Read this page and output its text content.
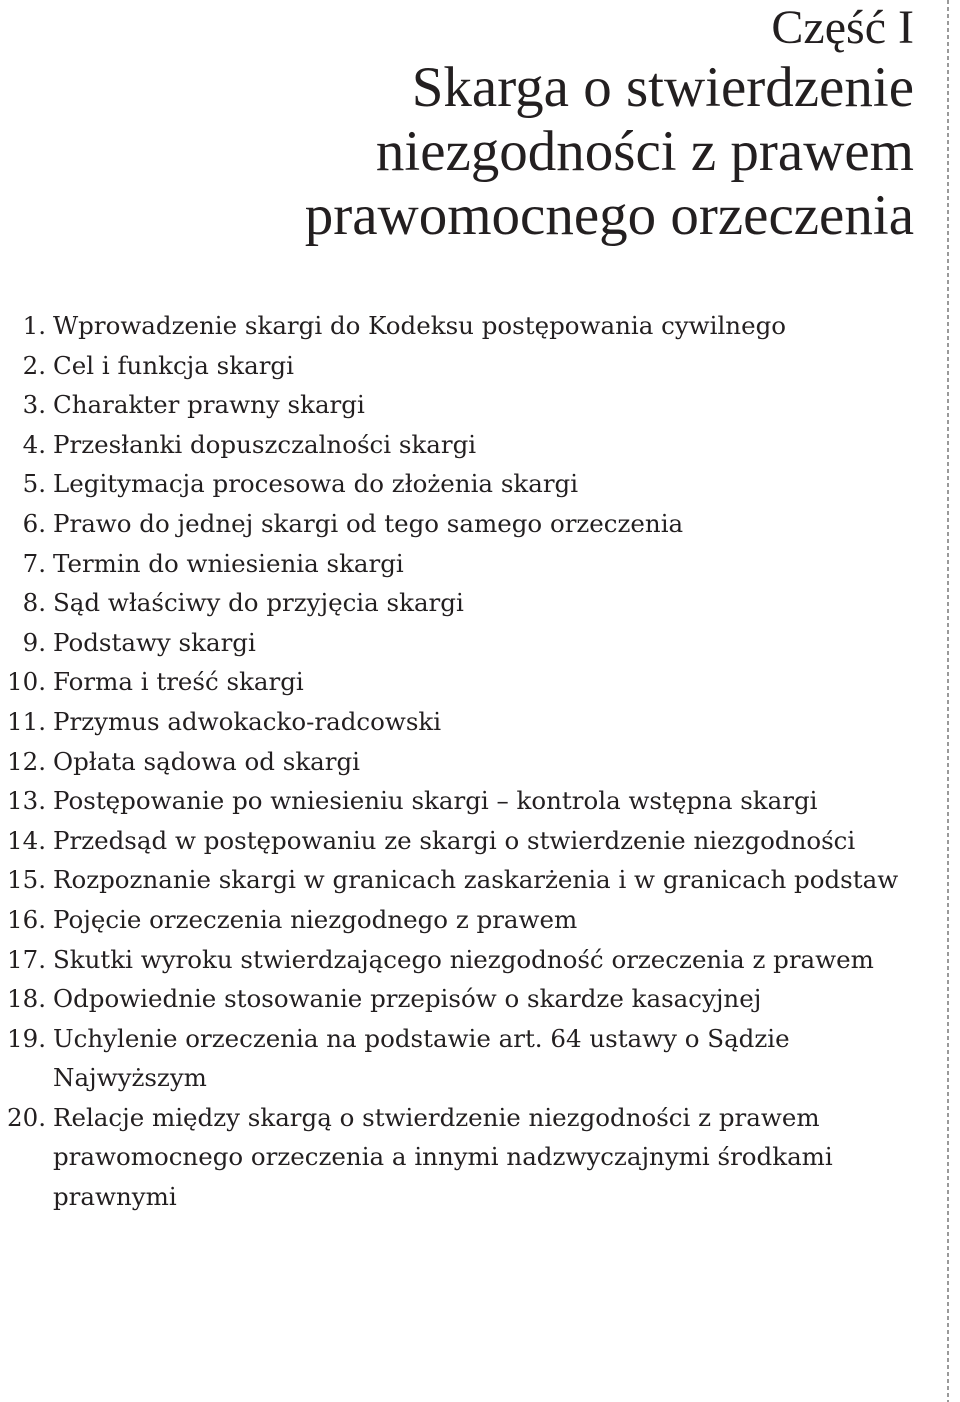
Część I
Skarga o stwierdzenie
niezgodności z prawem
prawomocnego orzeczenia
1. Wprowadzenie skargi do Kodeksu postępowania cywilnego
2. Cel i funkcja skargi
3. Charakter prawny skargi
4. Przesłanki dopuszczalności skargi
5. Legitymacja procesowa do złożenia skargi
6. Prawo do jednej skargi od tego samego orzeczenia
7. Termin do wniesienia skargi
8. Sąd właściwy do przyjęcia skargi
9. Podstawy skargi
10. Forma i treść skargi
11. Przymus adwokacko-radcowski
12. Opłata sądowa od skargi
13. Postępowanie po wniesieniu skargi – kontrola wstępna skargi
14. Przedsąd w postępowaniu ze skargi o stwierdzenie niezgodności
15. Rozpoznanie skargi w granicach zaskarżenia i w granicach podstaw
16. Pojęcie orzeczenia niezgodnego z prawem
17. Skutki wyroku stwierdzającego niezgodność orzeczenia z prawem
18. Odpowiednie stosowanie przepisów o skardze kasacyjnej
19. Uchylenie orzeczenia na podstawie art. 64 ustawy o Sądzie Najwyższym
20. Relacje między skargą o stwierdzenie niezgodności z prawem prawomocnego orzeczenia a innymi nadzwyczajnymi środkami prawnymi
